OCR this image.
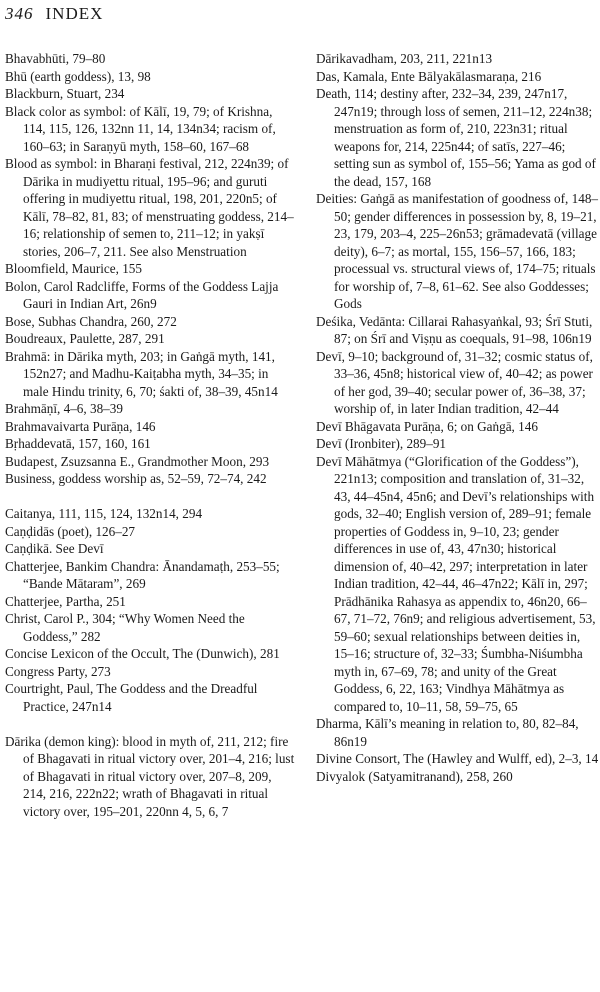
346 INDEX
Bhavabhūti, 79–80
Bhū (earth goddess), 13, 98
Blackburn, Stuart, 234
Black color as symbol: of Kālī, 19, 79; of Krishna, 114, 115, 126, 132nn 11, 14, 134n34; racism of, 160–63; in Saraṇyū myth, 158–60, 167–68
Blood as symbol: in Bharaṇi festival, 212, 224n39; of Dārika in mudiyettu ritual, 195–96; and guruti offering in mudiyettu ritual, 198, 201, 220n5; of Kālī, 78–82, 81, 83; of menstruating goddess, 214–16; relationship of semen to, 211–12; in yakṣī stories, 206–7, 211. See also Menstruation
Bloomfield, Maurice, 155
Bolon, Carol Radcliffe, Forms of the Goddess Lajja Gauri in Indian Art, 26n9
Bose, Subhas Chandra, 260, 272
Boudreaux, Paulette, 287, 291
Brahmā: in Dārika myth, 203; in Gaṅgā myth, 141, 152n27; and Madhu-Kaiṭabha myth, 34–35; in male Hindu trinity, 6, 70; śakti of, 38–39, 45n14
Brahmāṇī, 4–6, 38–39
Brahmavaivarta Purāṇa, 146
Bṛhaddevatā, 157, 160, 161
Budapest, Zsuzsanna E., Grandmother Moon, 293
Business, goddess worship as, 52–59, 72–74, 242
Caitanya, 111, 115, 124, 132n14, 294
Caṇḍidās (poet), 126–27
Caṇḍikā. See Devī
Chatterjee, Bankim Chandra: Ānandamaṭh, 253–55; “Bande Mātaram”, 269
Chatterjee, Partha, 251
Christ, Carol P., 304; “Why Women Need the Goddess,” 282
Concise Lexicon of the Occult, The (Dunwich), 281
Congress Party, 273
Courtright, Paul, The Goddess and the Dreadful Practice, 247n14
Dārika (demon king): blood in myth of, 211, 212; fire of Bhagavati in ritual victory over, 201–4, 216; lust of Bhagavati in ritual victory over, 207–8, 209, 214, 216, 222n22; wrath of Bhagavati in ritual victory over, 195–201, 220nn 4, 5, 6, 7
Dārikavadham, 203, 211, 221n13
Das, Kamala, Ente Bālyakālasmaraṇa, 216
Death, 114; destiny after, 232–34, 239, 247n17, 247n19; through loss of semen, 211–12, 224n38; menstruation as form of, 210, 223n31; ritual weapons for, 214, 225n44; of satīs, 227–46; setting sun as symbol of, 155–56; Yama as god of the dead, 157, 168
Deities: Gaṅgā as manifestation of goodness of, 148–50; gender differences in possession by, 8, 19–21, 23, 179, 203–4, 225–26n53; grāmadevatā (village deity), 6–7; as mortal, 155, 156–57, 166, 183; processual vs. structural views of, 174–75; rituals for worship of, 7–8, 61–62. See also Goddesses; Gods
Deśika, Vedānta: Cillarai Rahasyaṅkal, 93; Śrī Stuti, 87; on Śrī and Viṣṇu as coequals, 91–98, 106n19
Devī, 9–10; background of, 31–32; cosmic status of, 33–36, 45n8; historical view of, 40–42; as power of her god, 39–40; secular power of, 36–38, 37; worship of, in later Indian tradition, 42–44
Devī Bhāgavata Purāṇa, 6; on Gaṅgā, 146
Devī (Ironbiter), 289–91
Devī Māhātmya (“Glorification of the Goddess”), 221n13; composition and translation of, 31–32, 43, 44–45n4, 45n6; and Devī’s relationships with gods, 32–40; English version of, 289–91; female properties of Goddess in, 9–10, 23; gender differences in use of, 43, 47n30; historical dimension of, 40–42, 297; interpretation in later Indian tradition, 42–44, 46–47n22; Kālī in, 297; Prādhānika Rahasya as appendix to, 46n20, 66–67, 71–72, 76n9; and religious advertisement, 53, 59–60; sexual relationships between deities in, 15–16; structure of, 32–33; Śumbha-Niśumbha myth in, 67–69, 78; and unity of the Great Goddess, 6, 22, 163; Vindhya Māhātmya as compared to, 10–11, 58, 59–75, 65
Dharma, Kālī’s meaning in relation to, 80, 82–84, 86n19
Divine Consort, The (Hawley and Wulff, ed), 2–3, 14
Divyalok (Satyamitranand), 258, 260
